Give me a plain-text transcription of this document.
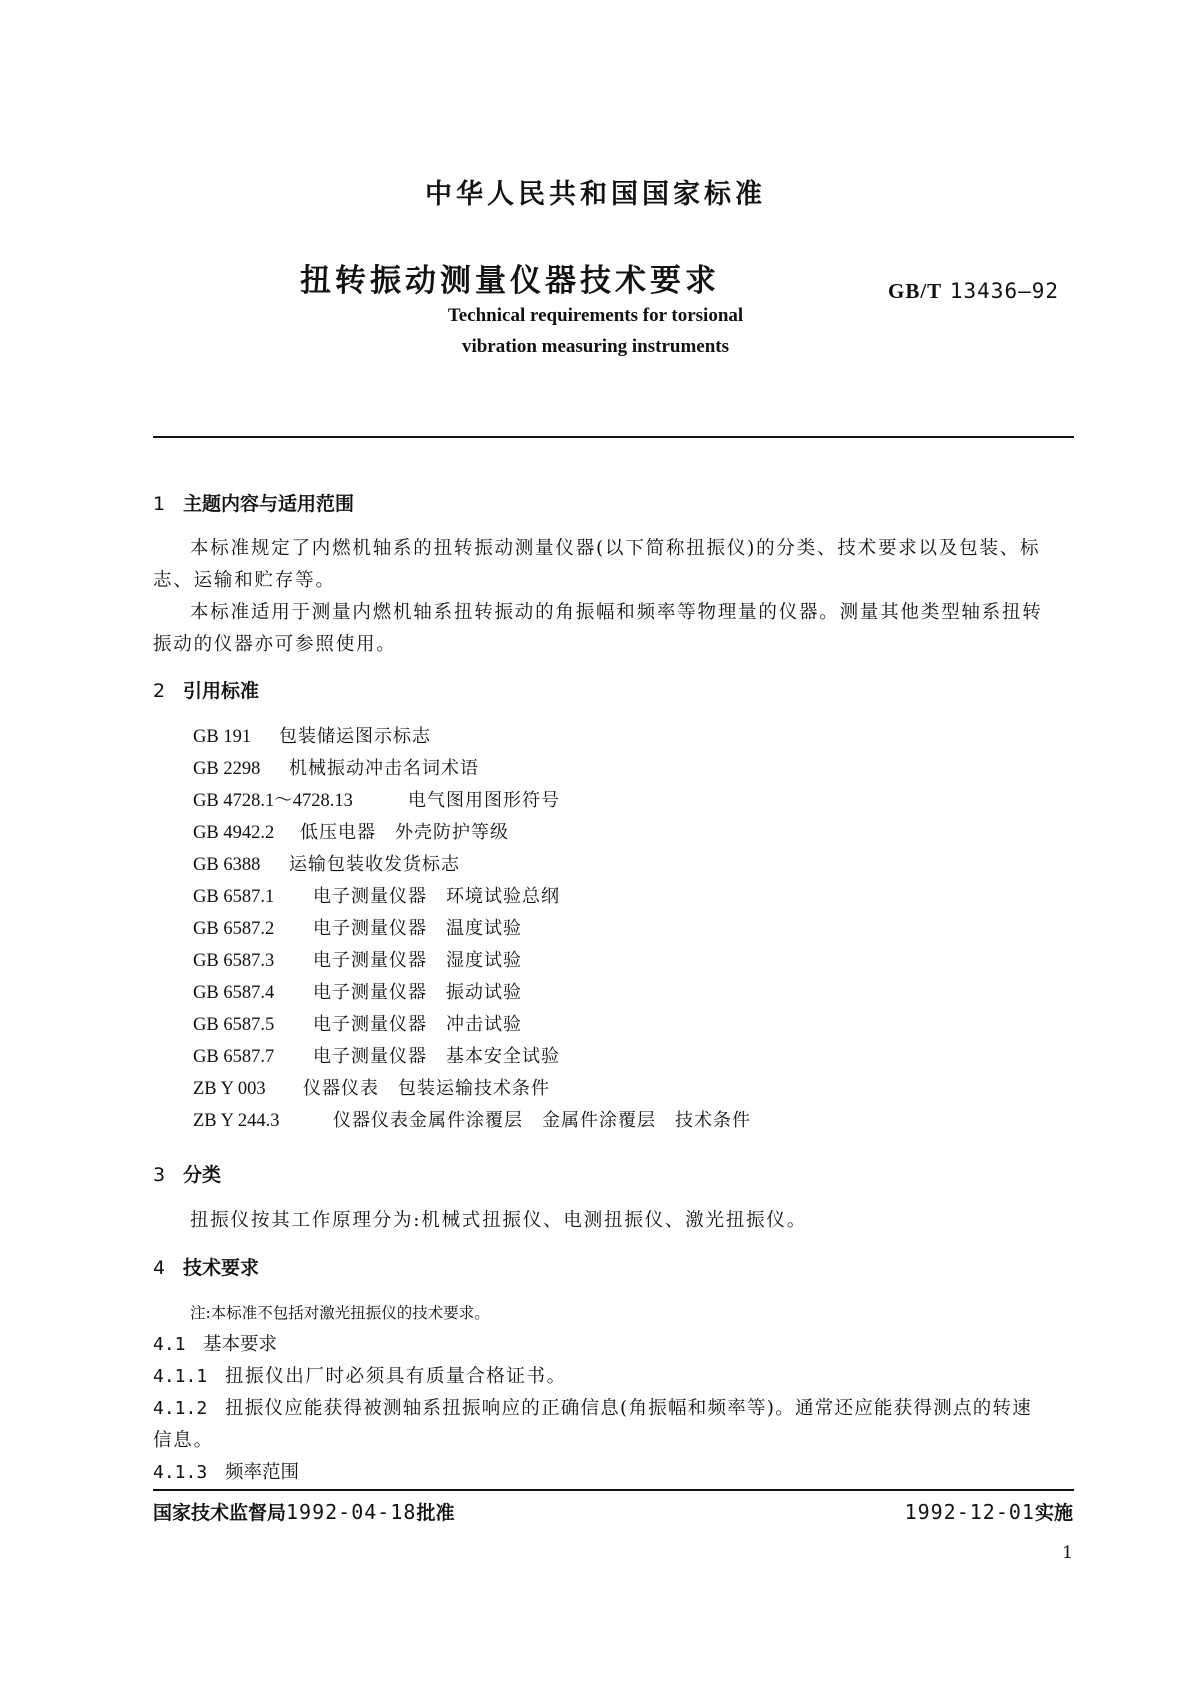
中华人民共和国国家标准
扭转振动测量仪器技术要求	GB/T 13436—92
Technical requirements for torsional
vibration measuring instruments
1 主题内容与适用范围
本标准规定了内燃机轴系的扭转振动测量仪器(以下简称扭振仪)的分类、技术要求以及包装、标
志、运输和贮存等。
本标准适用于测量内燃机轴系扭转振动的角振幅和频率等物理量的仪器。测量其他类型轴系扭转
振动的仪器亦可参照使用。
2 引用标准
GB 191 包装储运图示标志
GB 2298 机械振动冲击名词术语
GB 4728.1～4728.13	电气图用图形符号
GB 4942.2 低压电器　外壳防护等级
GB 6388 运输包装收发货标志
GB 6587.1 电子测量仪器　环境试验总纲
GB 6587.2 电子测量仪器　温度试验
GB 6587.3 电子测量仪器　湿度试验
GB 6587.4 电子测量仪器　振动试验
GB 6587.5 电子测量仪器　冲击试验
GB 6587.7 电子测量仪器　基本安全试验
ZB Y 003 仪器仪表　包装运输技术条件
ZB Y 244.3	仪器仪表金属件涂覆层　金属件涂覆层　技术条件
3 分类
扭振仪按其工作原理分为:机械式扭振仪、电测扭振仪、激光扭振仪。
4 技术要求
注:本标准不包括对激光扭振仪的技术要求。
4.1 基本要求
4.1.1 扭振仪出厂时必须具有质量合格证书。
4.1.2 扭振仪应能获得被测轴系扭振响应的正确信息(角振幅和频率等)。通常还应能获得测点的转速
信息。
4.1.3 频率范围
国家技术监督局1992-04-18批准	1992-12-01实施
1
